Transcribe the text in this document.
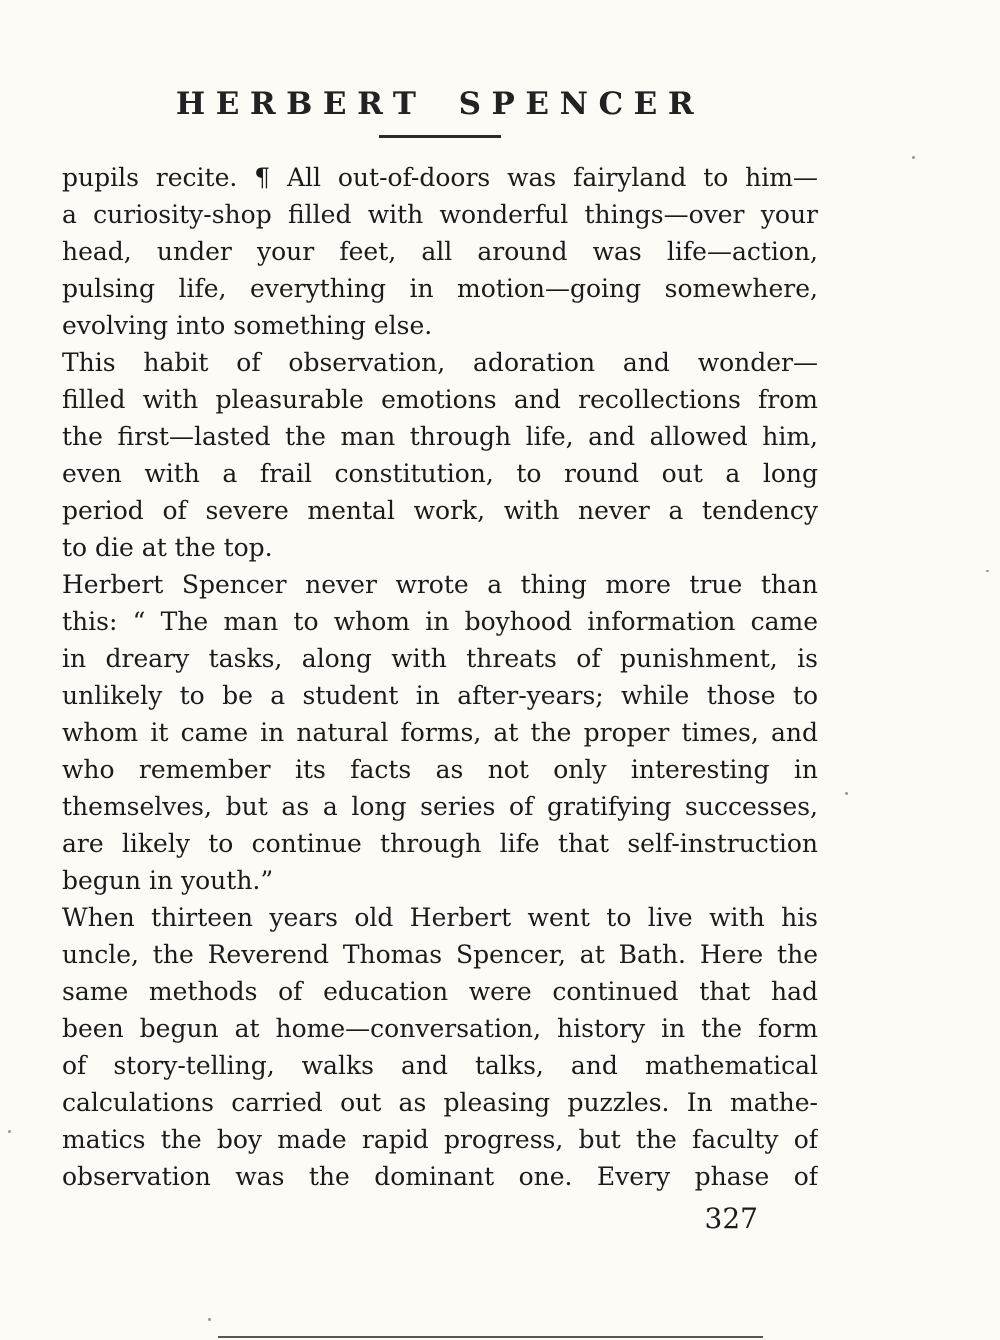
HERBERT SPENCER
pupils recite. ¶ All out-of-doors was fairyland to him—
a curiosity-shop filled with wonderful things—over your
head, under your feet, all around was life—action,
pulsing life, everything in motion—going somewhere,
evolving into something else.
This habit of observation, adoration and wonder—
filled with pleasurable emotions and recollections from
the first—lasted the man through life, and allowed him,
even with a frail constitution, to round out a long
period of severe mental work, with never a tendency
to die at the top.
Herbert Spencer never wrote a thing more true than
this: “ The man to whom in boyhood information came
in dreary tasks, along with threats of punishment, is
unlikely to be a student in after-years; while those to
whom it came in natural forms, at the proper times, and
who remember its facts as not only interesting in
themselves, but as a long series of gratifying successes,
are likely to continue through life that self-instruction
begun in youth.”
When thirteen years old Herbert went to live with his
uncle, the Reverend Thomas Spencer, at Bath. Here the
same methods of education were continued that had
been begun at home—conversation, history in the form
of story-telling, walks and talks, and mathematical
calculations carried out as pleasing puzzles. In mathe-
matics the boy made rapid progress, but the faculty of
observation was the dominant one. Every phase of
327
